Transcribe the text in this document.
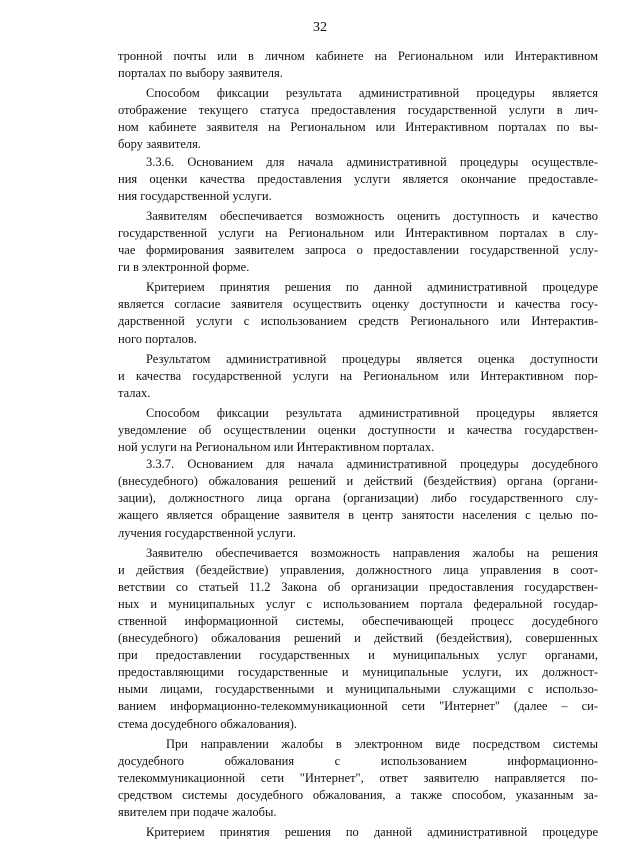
32
тронной почты или в личном кабинете на Региональном или Интерактивном
порталах по выбору заявителя.
Способом фиксации результата административной процедуры является
отображение текущего статуса предоставления государственной услуги в лич-
ном кабинете заявителя на Региональном или Интерактивном порталах по вы-
бору заявителя.
3.3.6. Основанием для начала административной процедуры осуществле-
ния оценки качества предоставления услуги является окончание предоставле-
ния государственной услуги.
Заявителям обеспечивается возможность оценить доступность и качество
государственной услуги на Региональном или Интерактивном порталах в слу-
чае формирования заявителем запроса о предоставлении государственной услу-
ги в электронной форме.
Критерием принятия решения по данной административной процедуре
является согласие заявителя осуществить оценку доступности и качества госу-
дарственной услуги с использованием средств Регионального или Интерактив-
ного порталов.
Результатом административной процедуры является оценка доступности
и качества государственной услуги на Региональном или Интерактивном пор-
талах.
Способом фиксации результата административной процедуры является
уведомление об осуществлении оценки доступности и качества государствен-
ной услуги на Региональном или Интерактивном порталах.
3.3.7. Основанием для начала административной процедуры досудебного
(внесудебного) обжалования решений и действий (бездействия) органа (органи-
зации), должностного лица органа (организации) либо государственного слу-
жащего является обращение заявителя в центр занятости населения с целью по-
лучения государственной услуги.
Заявителю обеспечивается возможность направления жалобы на решения
и действия (бездействие) управления, должностного лица управления в соот-
ветствии со статьей 11.2 Закона об организации предоставления государствен-
ных и муниципальных услуг с использованием портала федеральной государ-
ственной информационной системы, обеспечивающей процесс досудебного
(внесудебного) обжалования решений и действий (бездействия), совершенных
при предоставлении государственных и муниципальных услуг органами,
предоставляющими государственные и муниципальные услуги, их должност-
ными лицами, государственными и муниципальными служащими с использо-
ванием информационно-телекоммуникационной сети "Интернет" (далее – си-
стема досудебного обжалования).
При направлении жалобы в электронном виде посредством системы
досудебного обжалования с использованием информационно-
телекоммуникационной сети "Интернет", ответ заявителю направляется по-
средством системы досудебного обжалования, а также способом, указанным за-
явителем при подаче жалобы.
Критерием принятия решения по данной административной процедуре
